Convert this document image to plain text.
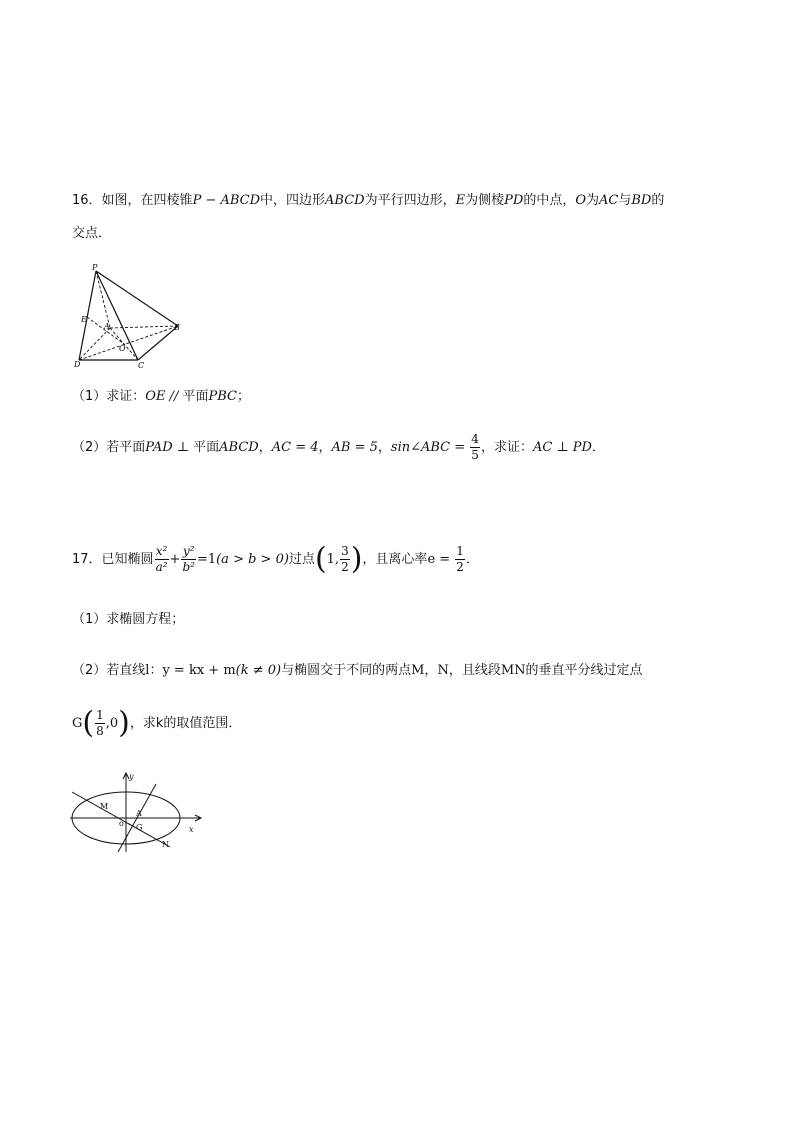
16．如图，在四棱锥P − ABCD中，四边形ABCD为平行四边形，E为侧棱PD的中点，O为AC与BD的
交点．
P
E
A	B
O
D	C
（1）求证：OE // 平面PBC；
（2）若平面PAD ⊥ 平面ABCD，AC = 4，AB = 5，sin∠ABC = $\frac{4}{5}$ ，求证：AC ⊥ PD．
17．已知椭圆 $\frac{\text{x²}}{\text{a²}} + \frac{\text{y²}}{\text{b²}} =1(a > b > 0)$过点(1, $\frac{3}{2}$ )，且离心率$e = \frac{1}{2}$ ．
（1）求椭圆方程；
（2）若直线l：y = kx + m(k ≠ 0)与椭圆交于不同的两点M，N，且线段MN的垂直平分线过定点
$G( \frac{1}{8} ,0)$，求k的取值范围．
y
M
A
o G	x
N
